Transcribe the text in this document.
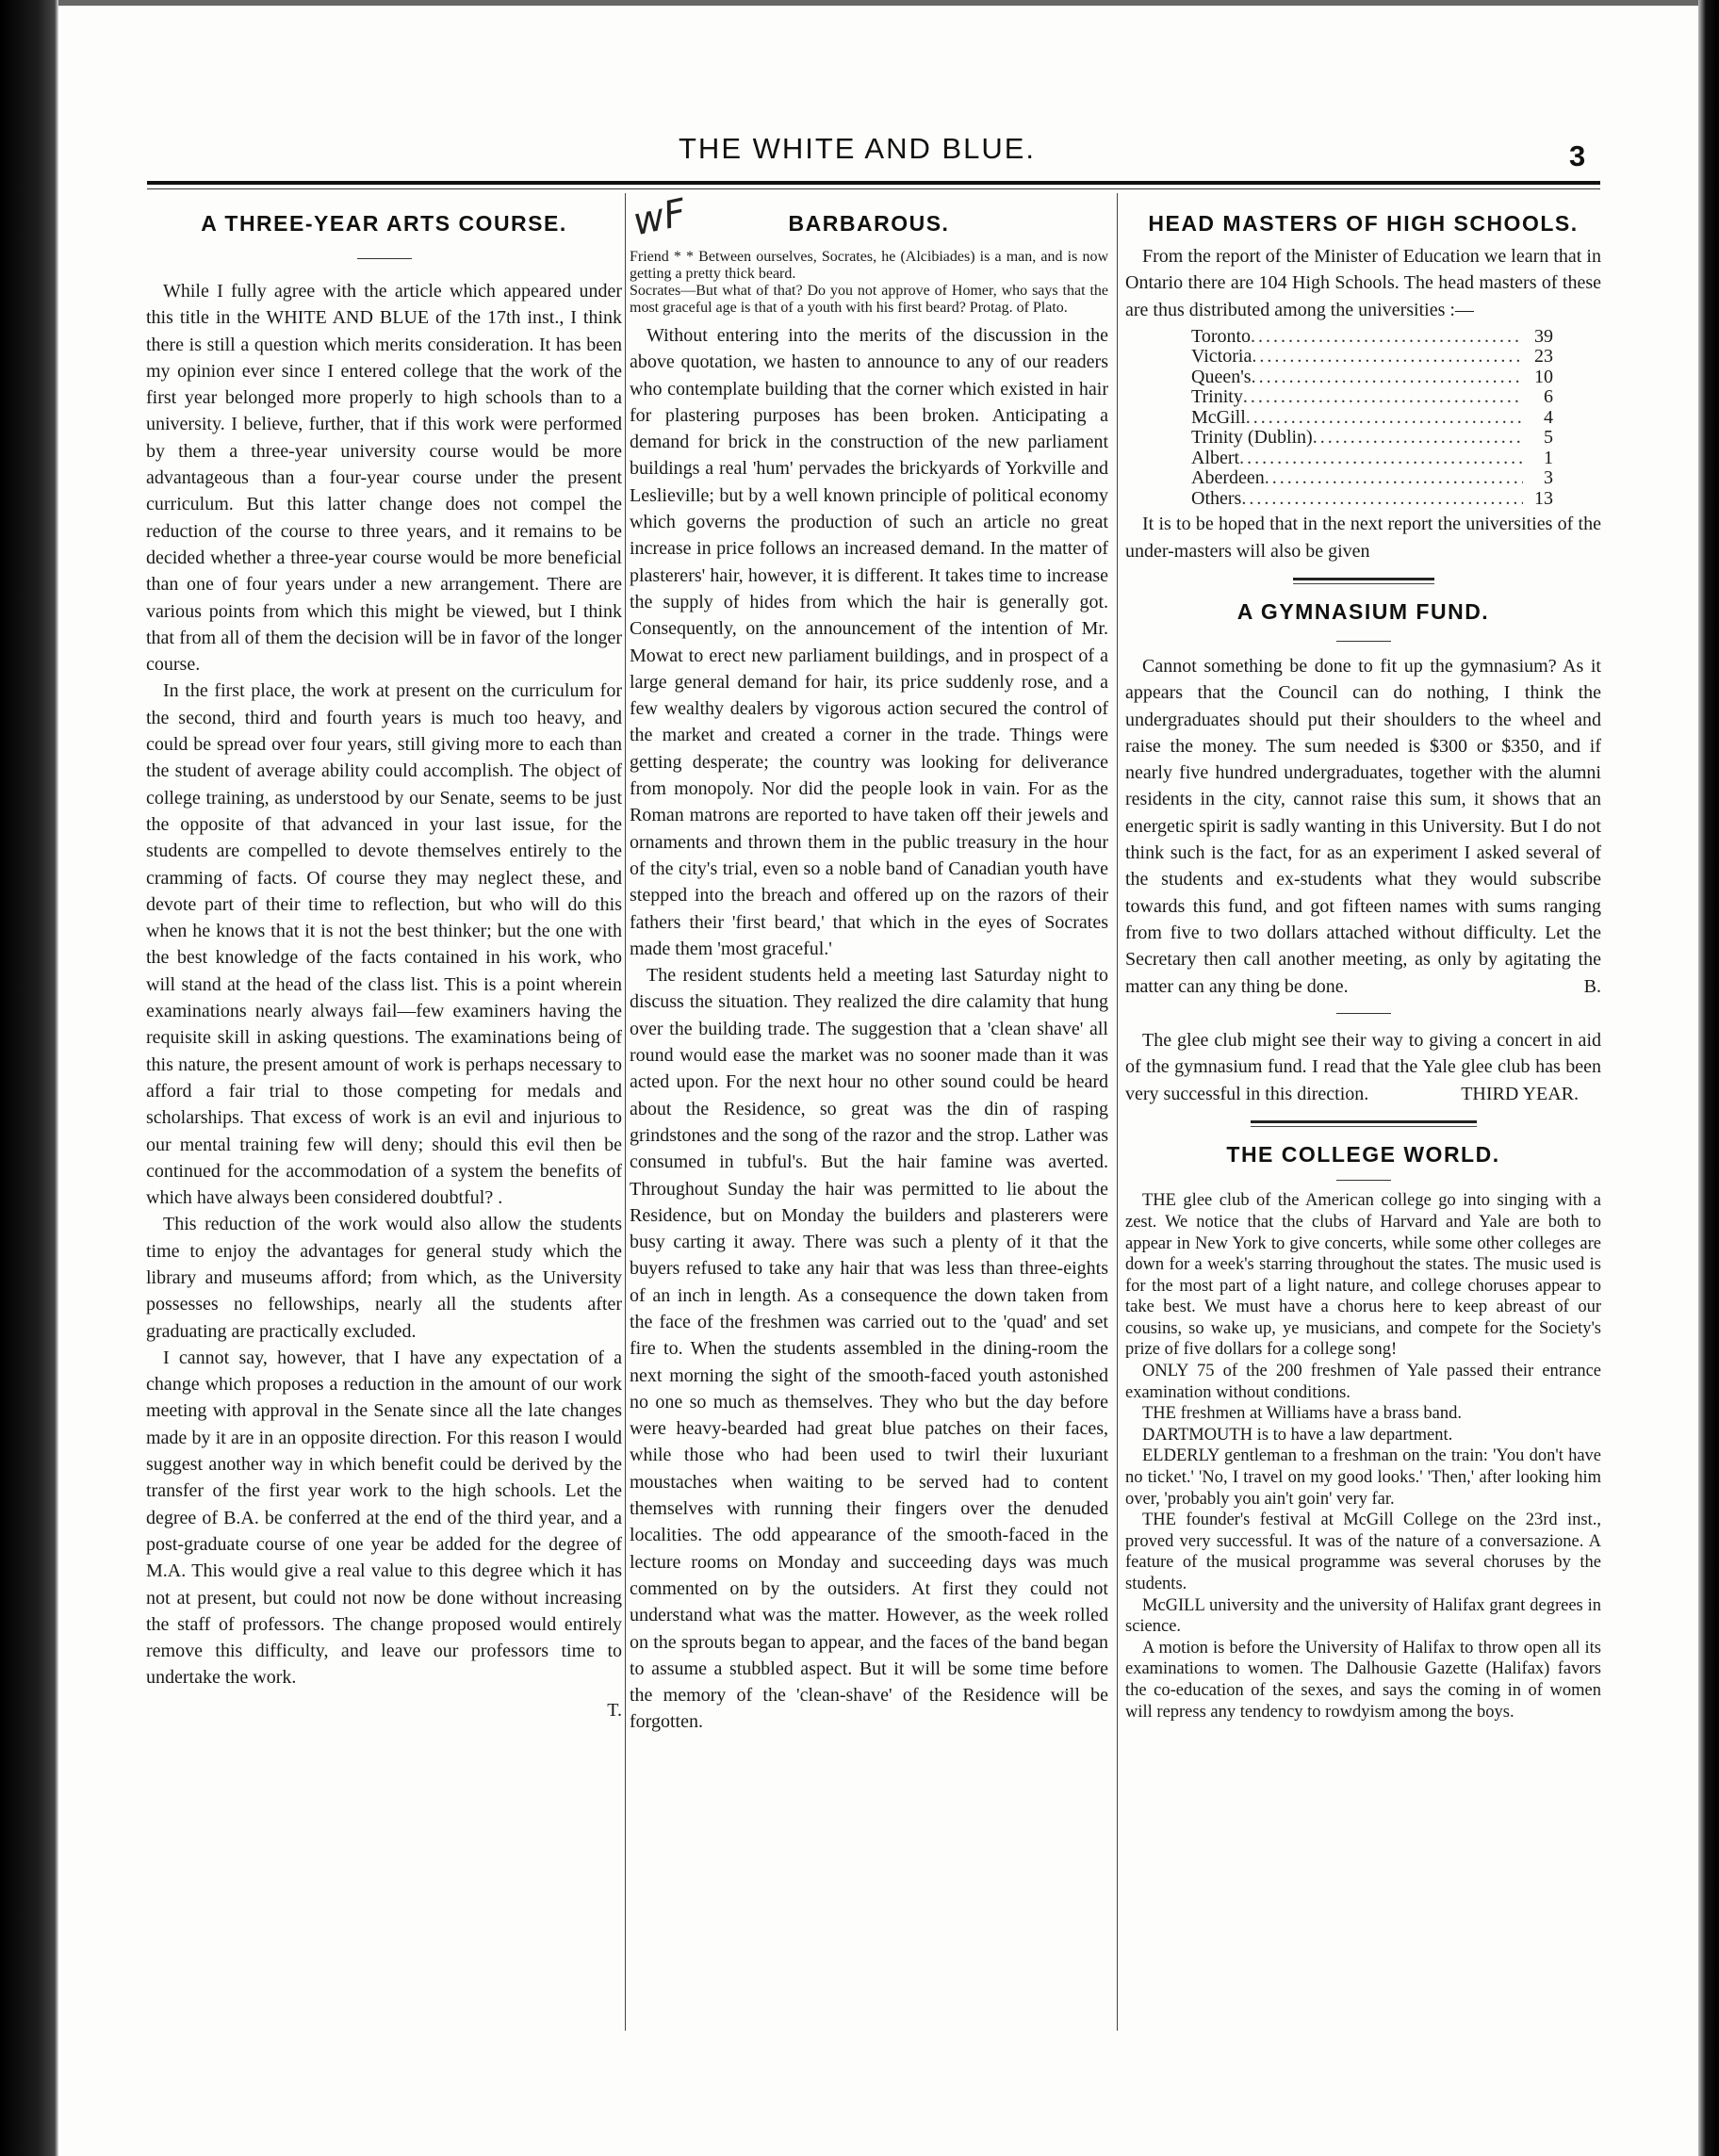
THE WHITE AND BLUE.	3
A THREE-YEAR ARTS COURSE.

While I fully agree with the article which appeared under this title in the WHITE AND BLUE of the 17th inst., I think there is still a question which merits consideration. It has been my opinion ever since I entered college that the work of the first year belonged more properly to high schools than to a university. I believe, further, that if this work were performed by them a three-year university course would be more advantageous than a four-year course under the present curriculum. But this latter change does not compel the reduction of the course to three years, and it remains to be decided whether a three-year course would be more beneficial than one of four years under a new arrangement. There are various points from which this might be viewed, but I think that from all of them the decision will be in favor of the longer course.

In the first place, the work at present on the curriculum for the second, third and fourth years is much too heavy, and could be spread over four years, still giving more to each than the student of average ability could accomplish. The object of college training, as understood by our Senate, seems to be just the opposite of that advanced in your last issue, for the students are compelled to devote themselves entirely to the cramming of facts. Of course they may neglect these, and devote part of their time to reflection, but who will do this when he knows that it is not the best thinker; but the one with the best knowledge of the facts contained in his work, who will stand at the head of the class list. This is a point wherein examinations nearly always fail—few examiners having the requisite skill in asking questions. The examinations being of this nature, the present amount of work is perhaps necessary to afford a fair trial to those competing for medals and scholarships. That excess of work is an evil and injurious to our mental training few will deny; should this evil then be continued for the accommodation of a system the benefits of which have always been considered doubtful? .

This reduction of the work would also allow the students time to enjoy the advantages for general study which the library and museums afford; from which, as the University possesses no fellowships, nearly all the students after graduating are practically excluded.

I cannot say, however, that I have any expectation of a change which proposes a reduction in the amount of our work meeting with approval in the Senate since all the late changes made by it are in an opposite direction. For this reason I would suggest another way in which benefit could be derived by the transfer of the first year work to the high schools. Let the degree of B.A. be conferred at the end of the third year, and a post-graduate course of one year be added for the degree of M.A. This would give a real value to this degree which it has not at present, but could not now be done without increasing the staff of professors. The change proposed would entirely remove this difficulty, and leave our professors time to undertake the work.

T.
wF	BARBAROUS.
Friend * * Between ourselves, Socrates, he (Alcibiades) is a man, and is now getting a pretty thick beard.
Socrates—But what of that? Do you not approve of Homer, who says that the most graceful age is that of a youth with his first beard? Protag. of Plato.

Without entering into the merits of the discussion in the above quotation, we hasten to announce to any of our readers who contemplate building that the corner which existed in hair for plastering purposes has been broken. Anticipating a demand for brick in the construction of the new parliament buildings a real 'hum' pervades the brickyards of Yorkville and Leslieville; but by a well known principle of political economy which governs the production of such an article no great increase in price follows an increased demand. In the matter of plasterers' hair, however, it is different. It takes time to increase the supply of hides from which the hair is generally got. Consequently, on the announcement of the intention of Mr. Mowat to erect new parliament buildings, and in prospect of a large general demand for hair, its price suddenly rose, and a few wealthy dealers by vigorous action secured the control of the market and created a corner in the trade. Things were getting desperate; the country was looking for deliverance from monopoly. Nor did the people look in vain. For as the Roman matrons are reported to have taken off their jewels and ornaments and thrown them in the public treasury in the hour of the city's trial, even so a noble band of Canadian youth have stepped into the breach and offered up on the razors of their fathers their 'first beard,' that which in the eyes of Socrates made them 'most graceful.'

The resident students held a meeting last Saturday night to discuss the situation. They realized the dire calamity that hung over the building trade. The suggestion that a 'clean shave' all round would ease the market was no sooner made than it was acted upon. For the next hour no other sound could be heard about the Residence, so great was the din of rasping grindstones and the song of the razor and the strop. Lather was consumed in tubful's. But the hair famine was averted. Throughout Sunday the hair was permitted to lie about the Residence, but on Monday the builders and plasterers were busy carting it away. There was such a plenty of it that the buyers refused to take any hair that was less than three-eights of an inch in length. As a consequence the down taken from the face of the freshmen was carried out to the 'quad' and set fire to. When the students assembled in the dining-room the next morning the sight of the smooth-faced youth astonished no one so much as themselves. They who but the day before were heavy-bearded had great blue patches on their faces, while those who had been used to twirl their luxuriant moustaches when waiting to be served had to content themselves with running their fingers over the denuded localities. The odd appearance of the smooth-faced in the lecture rooms on Monday and succeeding days was much commented on by the outsiders. At first they could not understand what was the matter. However, as the week rolled on the sprouts began to appear, and the faces of the band began to assume a stubbled aspect. But it will be some time before the memory of the 'clean-shave' of the Residence will be forgotten.

HEAD MASTERS OF HIGH SCHOOLS.

From the report of the Minister of Education we learn that in Ontario there are 104 High Schools. The head masters of these are thus distributed among the universities :—

Toronto .....	39
Victoria .....	23
Queen's .....	10
Trinity .....	6
McGill .....	4
Trinity (Dublin) .....	5
Albert .....	1
Aberdeen .....	3
Others .....	13

It is to be hoped that in the next report the universities of the under-masters will also be given

A GYMNASIUM FUND.

Cannot something be done to fit up the gymnasium? As it appears that the Council can do nothing, I think the undergraduates should put their shoulders to the wheel and raise the money. The sum needed is $300 or $350, and if nearly five hundred undergraduates, together with the alumni residents in the city, cannot raise this sum, it shows that an energetic spirit is sadly wanting in this University. But I do not think such is the fact, for as an experiment I asked several of the students and ex-students what they would subscribe towards this fund, and got fifteen names with sums ranging from five to two dollars attached without difficulty. Let the Secretary then call another meeting, as only by agitating the matter can any thing be done.	B.

The glee club might see their way to giving a concert in aid of the gymnasium fund. I read that the Yale glee club has been very successful in this direction.	THIRD YEAR.
THE COLLEGE WORLD.

THE glee club of the American college go into singing with a zest. We notice that the clubs of Harvard and Yale are both to appear in New York to give concerts, while some other colleges are down for a week's starring throughout the states. The music used is for the most part of a light nature, and college choruses appear to take best. We must have a chorus here to keep abreast of our cousins, so wake up, ye musicians, and compete for the Society's prize of five dollars for a college song!

ONLY 75 of the 200 freshmen of Yale passed their entrance examination without conditions.

THE freshmen at Williams have a brass band.

DARTMOUTH is to have a law department.

ELDERLY gentleman to a freshman on the train: 'You don't have no ticket.' 'No, I travel on my good looks.' 'Then,' after looking him over, 'probably you ain't goin' very far.

THE founder's festival at McGill College on the 23rd inst., proved very successful. It was of the nature of a conversazione. A feature of the musical programme was several choruses by the students.

McGILL university and the university of Halifax grant degrees in science.

A motion is before the University of Halifax to throw open all its examinations to women. The Dalhousie Gazette (Halifax) favors the co-education of the sexes, and says the coming in of women will repress any tendency to rowdyism among the boys.
